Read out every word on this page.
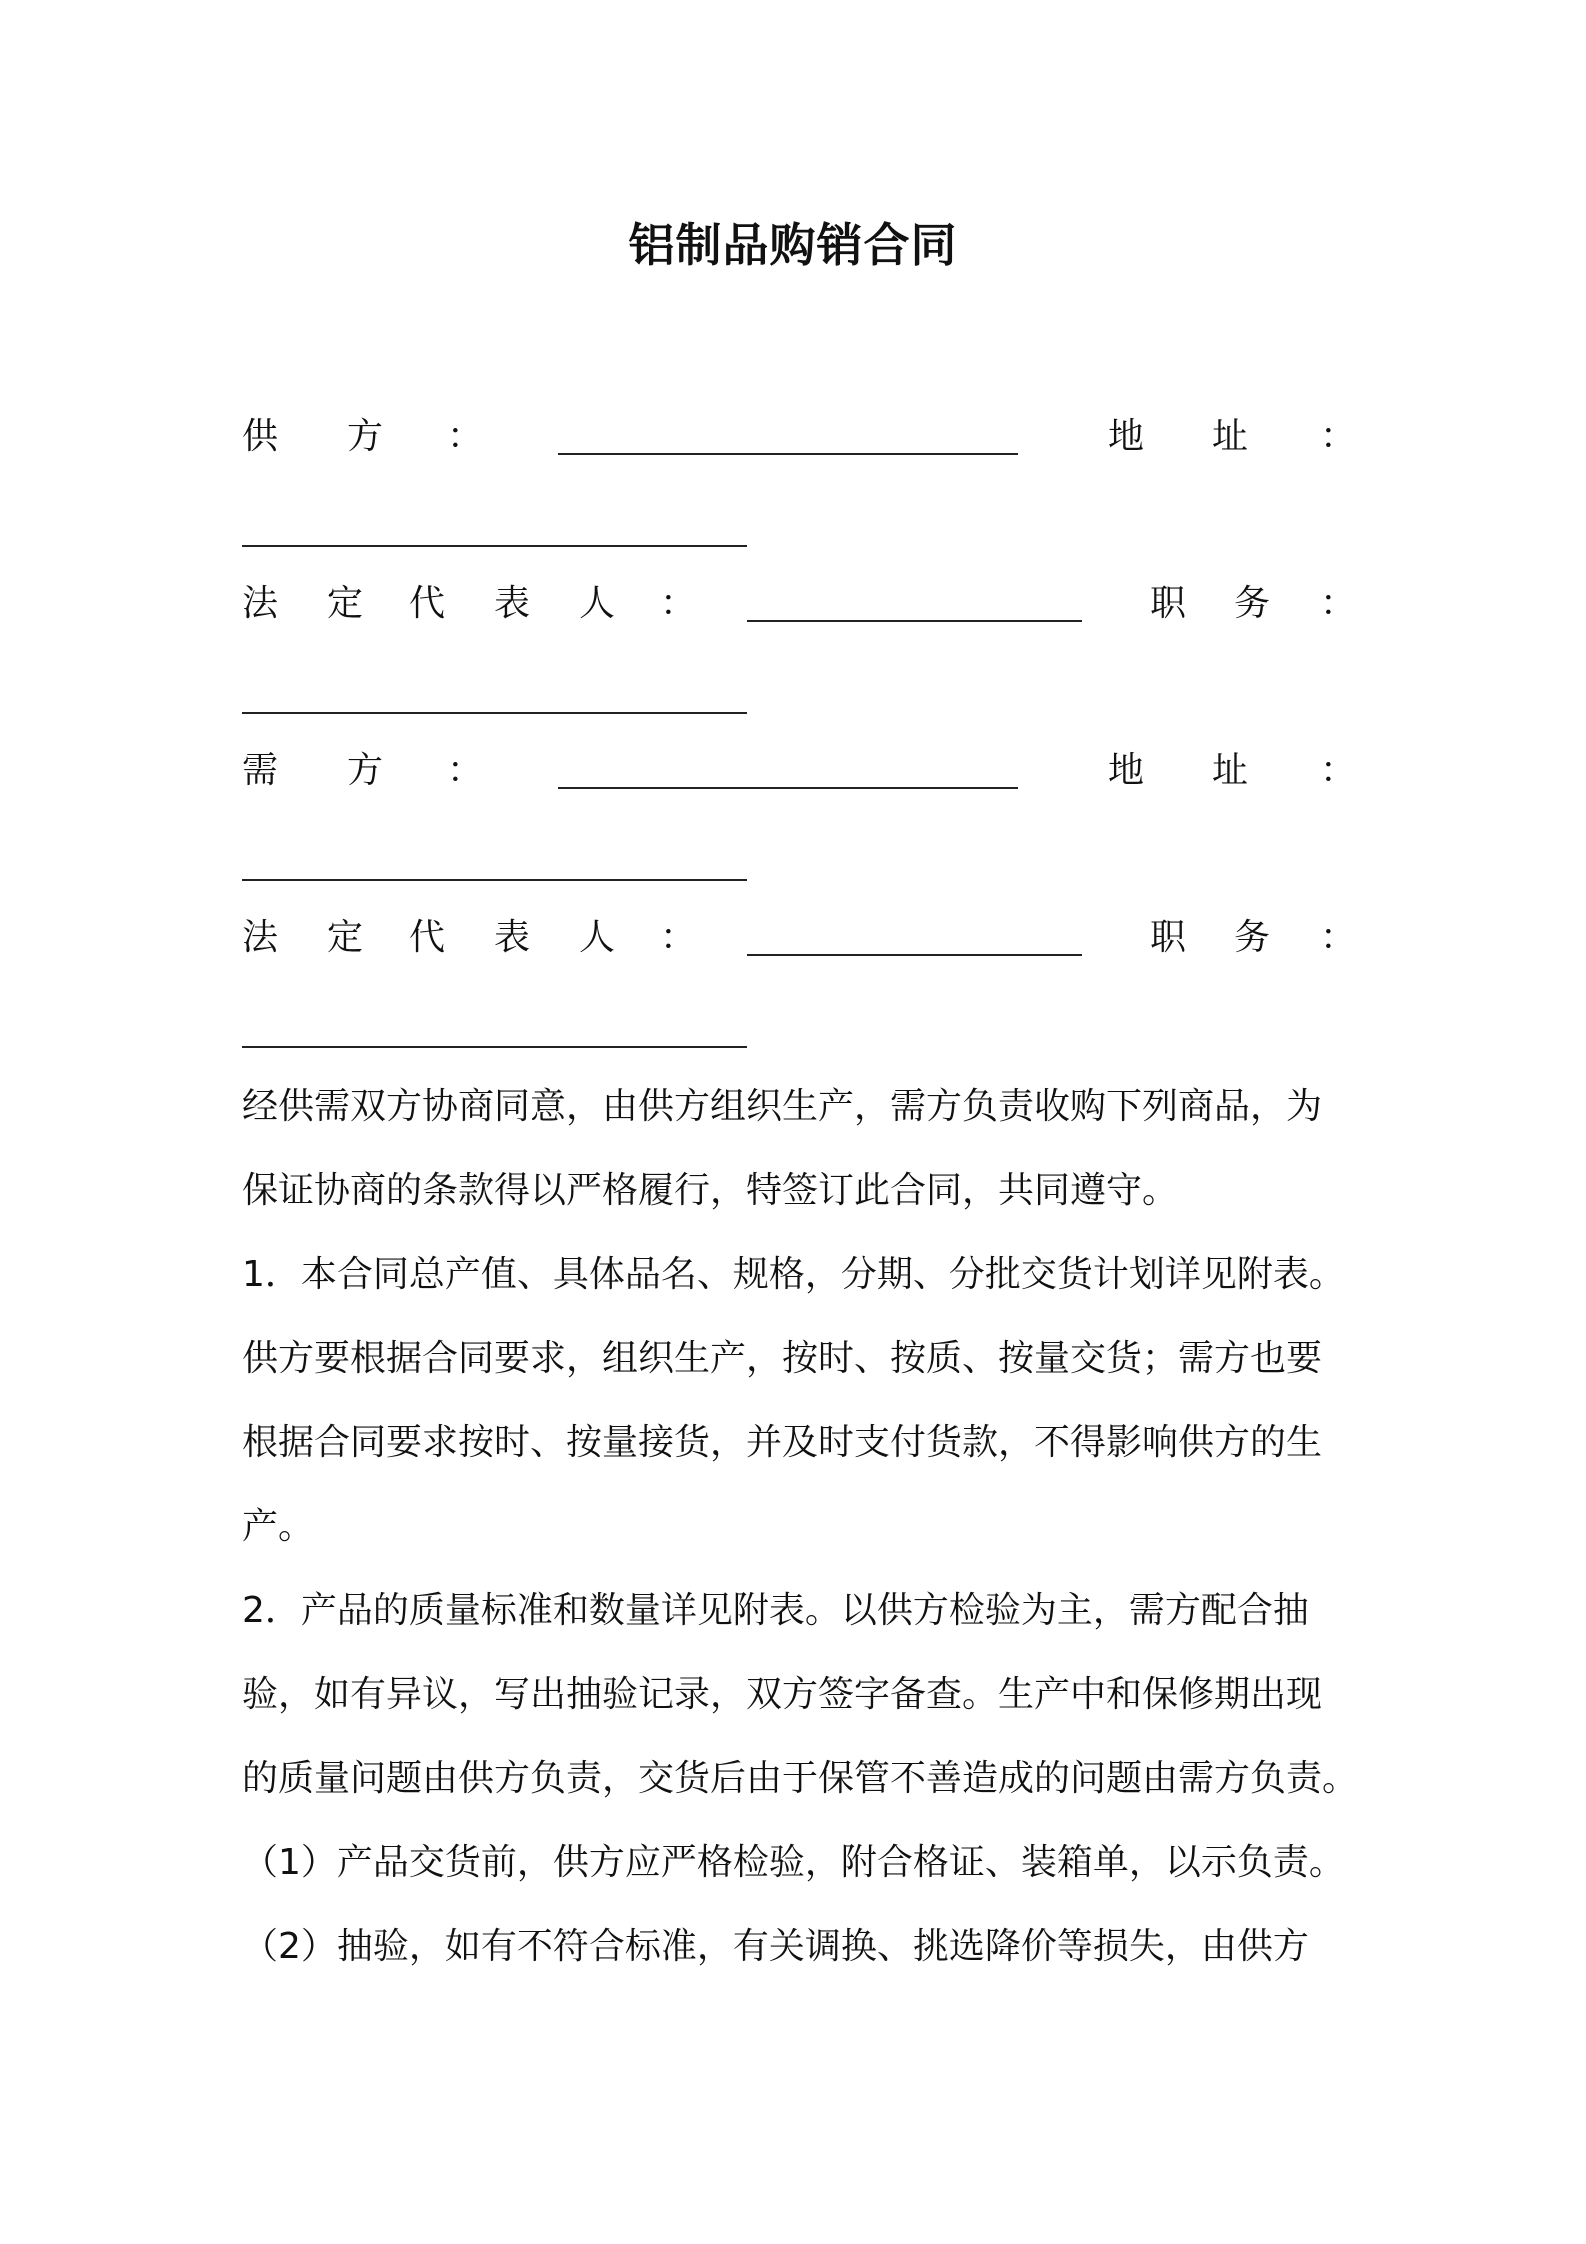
铝制品购销合同
供 方 ：	地 址 ：
法 定 代 表 人 ：	职 务 ：
需 方 ：	地 址 ：
法 定 代 表 人 ：	职 务 ：
经供需双方协商同意，由供方组织生产，需方负责收购下列商品，为
保证协商的条款得以严格履行，特签订此合同，共同遵守。
1．本合同总产值、具体品名、规格，分期、分批交货计划详见附表。
供方要根据合同要求，组织生产，按时、按质、按量交货；需方也要
根据合同要求按时、按量接货，并及时支付货款，不得影响供方的生
产。
2．产品的质量标准和数量详见附表。以供方检验为主，需方配合抽
验，如有异议，写出抽验记录，双方签字备查。生产中和保修期出现
的质量问题由供方负责，交货后由于保管不善造成的问题由需方负责。
（1）产品交货前，供方应严格检验，附合格证、装箱单，以示负责。
（2）抽验，如有不符合标准，有关调换、挑选降价等损失，由供方
